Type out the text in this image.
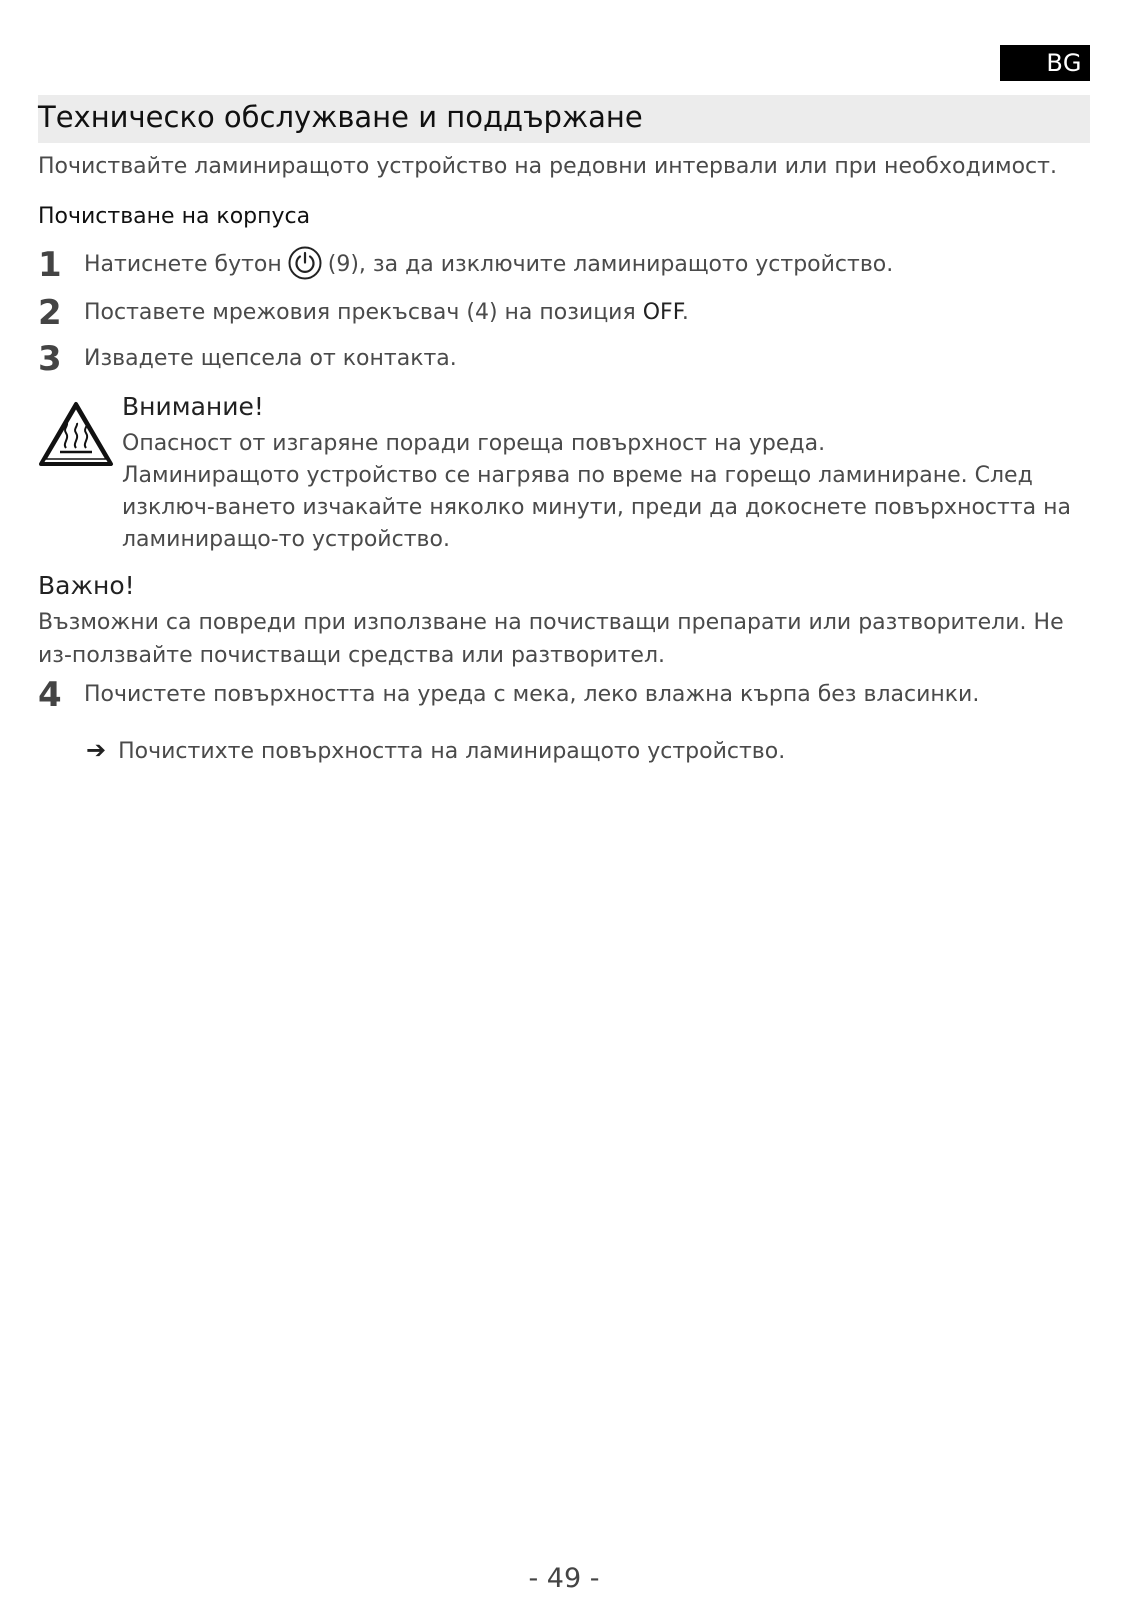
BG
Техническо обслужване и поддържане
Почиствайте ламиниращото устройство на редовни интервали или при необходимост.
Почистване на корпуса
1	Натиснете бутон (9), за да изключите ламиниращото устройство.
2	Поставете мрежовия прекъсвач (4) на позиция OFF.
3	Извадете щепсела от контакта.
Внимание!

Опасност от изгаряне поради гореща повърхност на уреда.

Ламиниращото устройство се нагрява по време на горещо ламиниране. След изключ-ването изчакайте няколко минути, преди да докоснете повърхността на ламиниращо-то устройство.

Важно!
Възможни са повреди при използване на почистващи препарати или разтворители. Не из-ползвайте почистващи средства или разтворител.
4	Почистете повърхността на уреда с мека, леко влажна кърпа без власинки.
➔ Почистихте повърхността на ламиниращото устройство.
- 49 -
